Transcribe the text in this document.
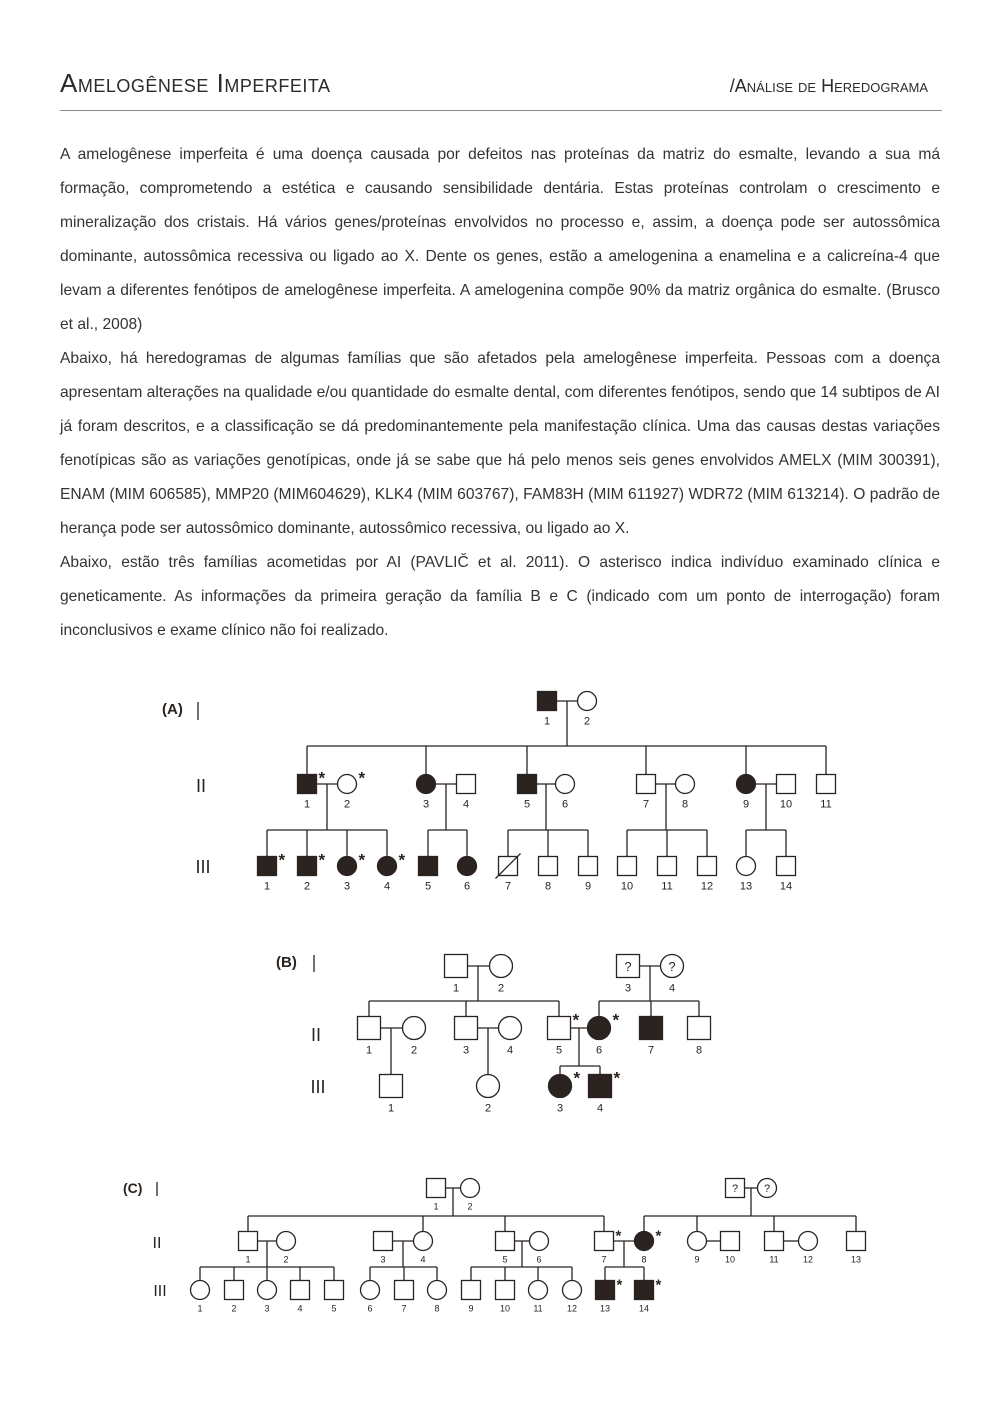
Amelogênese Imperfeita	/Análise de Heredograma

A amelogênese imperfeita é uma doença causada por defeitos nas proteínas da matriz do esmalte, levando a sua má formação, comprometendo a estética e causando sensibilidade dentária. Estas proteínas controlam o crescimento e mineralização dos cristais. Há vários genes/proteínas envolvidos no processo e, assim, a doença pode ser autossômica dominante, autossômica recessiva ou ligado ao X. Dente os genes, estão a amelogenina a enamelina e a calicreína-4 que levam a diferentes fenótipos de amelogênese imperfeita. A amelogenina compõe 90% da matriz orgânica do esmalte. (Brusco et al., 2008)

Abaixo, há heredogramas de algumas famílias que são afetados pela amelogênese imperfeita. Pessoas com a doença apresentam alterações na qualidade e/ou quantidade do esmalte dental, com diferentes fenótipos, sendo que 14 subtipos de AI já foram descritos, e a classificação se dá predominantemente pela manifestação clínica. Uma das causas destas variações fenotípicas são as variações genotípicas, onde já se sabe que há pelo menos seis genes envolvidos AMELX (MIM 300391), ENAM (MIM 606585), MMP20 (MIM604629), KLK4 (MIM 603767), FAM83H (MIM 611927) WDR72 (MIM 613214). O padrão de herança pode ser autossômico dominante, autossômico recessiva, ou ligado ao X.

Abaixo, estão três famílias acometidas por AI (PAVLIČ et al. 2011). O asterisco indica indivíduo examinado clínica e geneticamente. As informações da primeira geração da família B e C (indicado com um ponto de interrogação) foram inconclusivos e exame clínico não foi realizado.

(A)
II
III
1	2
*
1
*
2	3	4	5	6	7	8	9	10	11
*
1
*
2
*
3
*
4	5	6	7	8	9	10	11	12 13	14
(B)
II
III
1	2
?
3
?
4
1	2	3	4
*
5
*
6	7	8
1	2
*
3
*
4
(C)
II
III
1	2
? ?
1	2	3	4	5	6
*
7
*
8	9	10	11	12	13
1	2	3	4	5	6	7	8	9	10	11	12
*
13
*
14
